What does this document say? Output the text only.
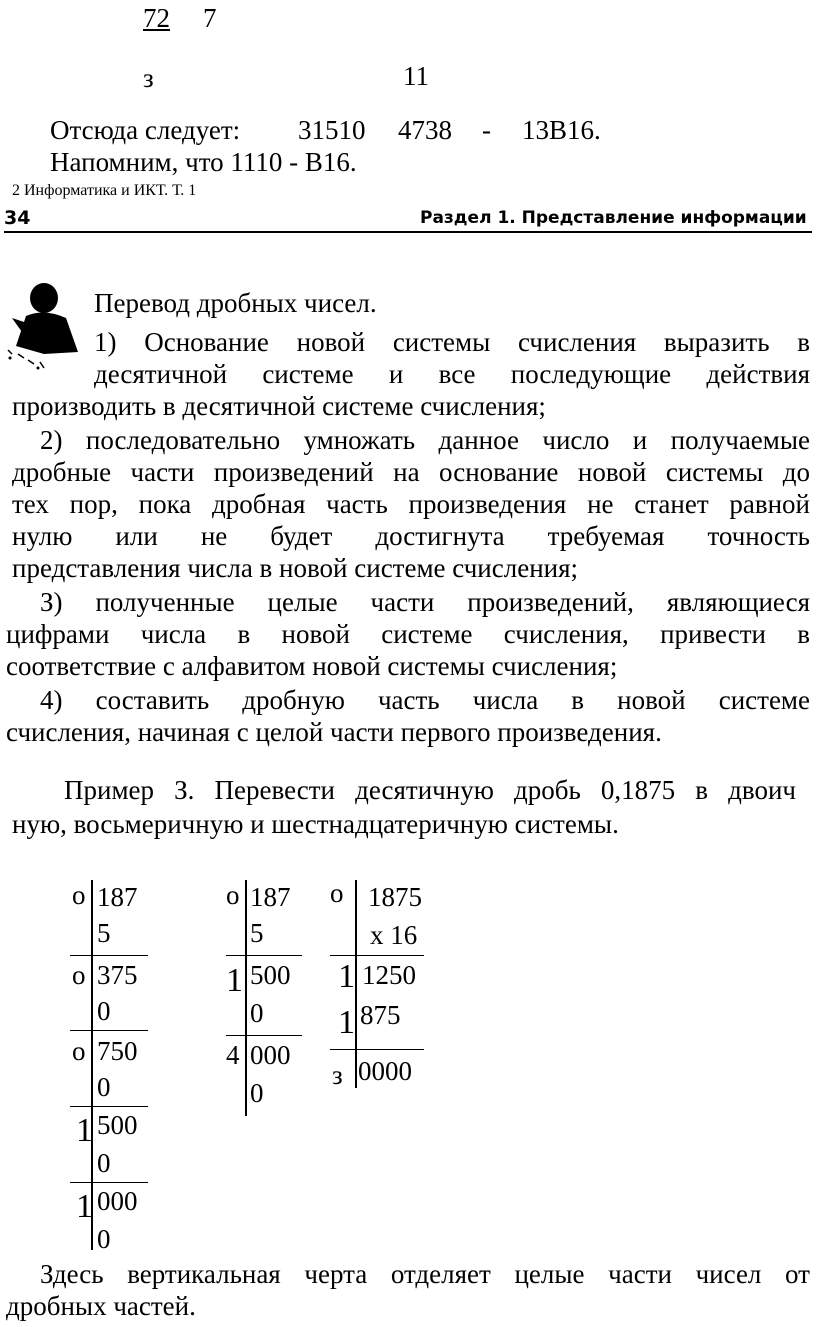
72 7
з	11
Отсюда следует: 31510 4738 - 13B16.
Напомним, что 1110 - B16.
2 Информатика и ИКТ. Т. 1
34	Раздел 1. Представление информации
Перевод дробных чисел.
1) Основание новой системы счисления выразить в
десятичной системе и все последующие действия
производить в десятичной системе счисления;
2) последовательно умножать данное число и получаемые
дробные части произведений на основание новой системы до
тех пор, пока дробная часть произведения не станет равной
нулю или не будет достигнута требуемая точность
представления числа в новой системе счисления;
З) полученные целые части произведений, являющиеся
цифрами числа в новой системе счисления, привести в
соответствие с алфавитом новой системы счисления;
4) составить дробную часть числа в новой системе
счисления, начиная с целой части первого произведения.
Пример З. Перевести десятичную дробь 0,1875 в двоич
ную, восьмеричную и шестнадцатеричную системы.
о 187
5
о 375
0
о 750
0
1 500
0
1 000
0
о 187
5
1 500
0
4 000
0
о 1875
x 16
1 1250
1 875
з 0000
Здесь вертикальная черта отделяет целые части чисел от
дробных частей.
